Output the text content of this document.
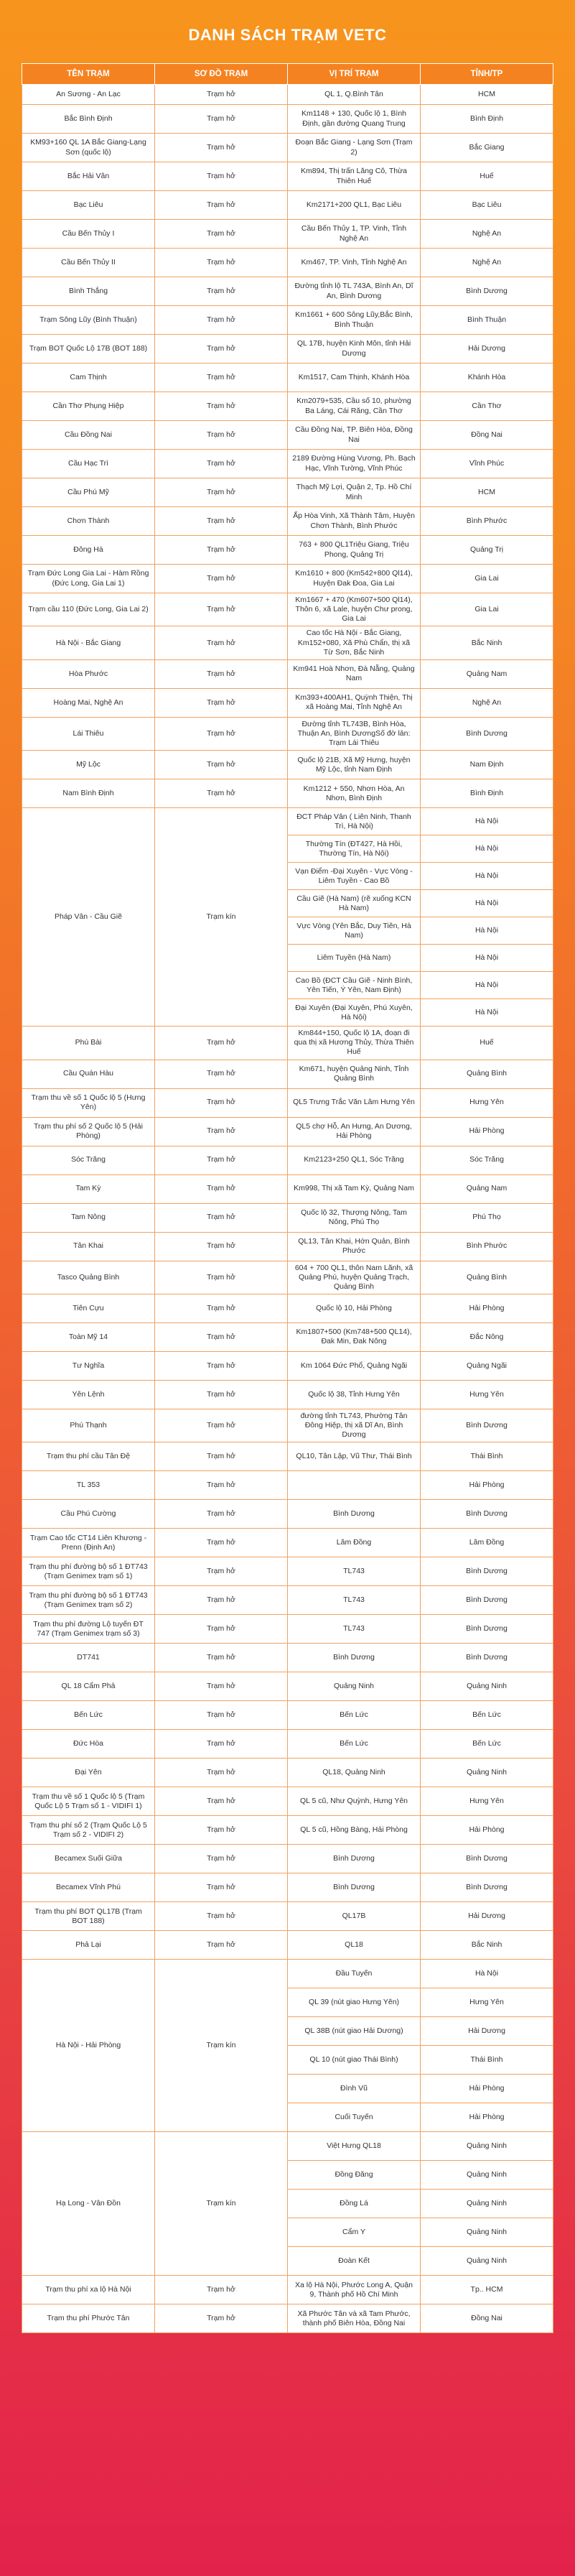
DANH SÁCH TRẠM VETC
TÊN TRẠM	SƠ ĐỒ TRẠM	VỊ TRÍ TRẠM	TỈNH/TP
An Sương - An Lạc	Trạm hở	QL 1, Q.Bình Tân	HCM
Bắc Bình Định	Trạm hở	Km1148 + 130, Quốc lộ 1, Bình Định, gần đường Quang Trung	Bình Định
KM93+160 QL 1A Bắc Giang-Lạng Sơn (quốc lộ)	Trạm hở	Đoạn Bắc Giang - Lạng Sơn (Trạm 2)	Bắc Giang
Bắc Hải Vân	Trạm hở	Km894, Thị trấn Lăng Cô, Thừa Thiên Huế	Huế
Bạc Liêu	Trạm hở	Km2171+200 QL1, Bạc Liêu	Bạc Liêu
Cầu Bến Thủy I	Trạm hở	Cầu Bến Thủy 1, TP. Vinh, Tỉnh Nghệ An	Nghệ An
Cầu Bến Thủy II	Trạm hở	Km467, TP. Vinh, Tỉnh Nghệ An	Nghệ An
Bình Thắng	Trạm hở	Đường tỉnh lộ TL 743A, Bình An, Dĩ An, Bình Dương	Bình Dương
Trạm Sông Lũy (Bình Thuận)	Trạm hở	Km1661 + 600 Sông Lũy,Bắc Bình, Bình Thuận	Bình Thuận
Trạm BOT Quốc Lộ 17B (BOT 188)	Trạm hở	QL 17B, huyện Kinh Môn, tỉnh Hải Dương	Hải Dương
Cam Thịnh	Trạm hở	Km1517, Cam Thịnh, Khánh Hòa	Khánh Hòa
Cần Thơ Phụng Hiệp	Trạm hở	Km2079+535, Cầu số 10, phường Ba Láng, Cái Răng, Cần Thơ	Cần Thơ
Cầu Đồng Nai	Trạm hở	Cầu Đồng Nai, TP. Biên Hòa, Đồng Nai	Đồng Nai
Cầu Hạc Trì	Trạm hở	2189 Đường Hùng Vương, Ph. Bạch Hạc, Vĩnh Tường, Vĩnh Phúc	Vĩnh Phúc
Cầu Phú Mỹ	Trạm hở	Thạch Mỹ Lợi, Quận 2, Tp. Hồ Chí Minh	HCM
Chơn Thành	Trạm hở	Ấp Hòa Vinh, Xã Thành Tâm, Huyện Chơn Thành, Bình Phước	Bình Phước
Đông Hà	Trạm hở	763 + 800 QL1Triệu Giang, Triệu Phong, Quảng Trị	Quảng Trị
Trạm Đức Long Gia Lai - Hàm Rồng (Đức Long, Gia Lai 1)	Trạm hở	Km1610 + 800 (Km542+800 Ql14), Huyện Đak Đoa, Gia Lai	Gia Lai
Trạm cầu 110 (Đức Long, Gia Lai 2)	Trạm hở	Km1667 + 470 (Km607+500 Ql14), Thôn 6, xã Lale, huyện Chư prong, Gia Lai	Gia Lai
Hà Nội - Bắc Giang	Trạm hở	Cao tốc Hà Nội - Bắc Giang, Km152+080, Xã Phù Chẩn, thị xã Từ Sơn, Bắc Ninh	Bắc Ninh
Hòa Phước	Trạm hở	Km941 Hoà Nhơn, Đà Nẵng, Quảng Nam	Quảng Nam
Hoàng Mai, Nghệ An	Trạm hở	Km393+400AH1, Quỳnh Thiện, Thị xã Hoàng Mai, Tỉnh Nghệ An	Nghệ An
Lái Thiêu	Trạm hở	Đường tỉnh TL743B, Bình Hòa, Thuận An, Bình DươngSố đờ lản: Trạm Lái Thiêu	Bình Dương
Mỹ Lộc	Trạm hở	Quốc lộ 21B, Xã Mỹ Hưng, huyện Mỹ Lộc, tỉnh Nam Định	Nam Định
Nam Bình Định	Trạm hở	Km1212 + 550, Nhơn Hòa, An Nhơn, Bình Định	Bình Định
Pháp Vân - Cầu Giẽ	Trạm kín	ĐCT Pháp Vân ( Liên Ninh, Thanh Trì, Hà Nội)	Hà Nội
		Thường Tín (ĐT427, Hà Hồi, Thường Tín, Hà Nội)	Hà Nội
		Vạn Điểm -Đại Xuyên - Vực Vòng - Liêm Tuyền - Cao Bồ	Hà Nội
		Cầu Giẽ (Hà Nam) (rẽ xuống KCN Hà Nam)	Hà Nội
		Vực Vòng (Yên Bắc, Duy Tiên, Hà Nam)	Hà Nội
		Liêm Tuyền (Hà Nam)	Hà Nội
		Cao Bồ (ĐCT Cầu Giẽ - Ninh Bình, Yên Tiến, Ý Yên, Nam Định)	Hà Nội
		Đại Xuyên (Đại Xuyên, Phú Xuyên, Hà Nội)	Hà Nội
Phú Bài	Trạm hở	Km844+150, Quốc lộ 1A, đoạn đi qua thị xã Hương Thủy, Thừa Thiên Huế	Huế
Cầu Quán Hàu	Trạm hở	Km671, huyện Quảng Ninh, Tỉnh Quảng Bình	Quảng Bình
Trạm thu về số 1 Quốc lộ 5 (Hưng Yên)	Trạm hở	QL5 Trưng Trắc Văn Lâm Hưng Yên	Hưng Yên
Trạm thu phí số 2 Quốc lộ 5 (Hải Phòng)	Trạm hở	QL5 chợ Hỗ, An Hưng, An Dương, Hải Phòng	Hải Phòng
Sóc Trăng	Trạm hở	Km2123+250 QL1, Sóc Trăng	Sóc Trăng
Tam Kỳ	Trạm hở	Km998, Thị xã Tam Kỳ, Quảng Nam	Quảng Nam
Tam Nông	Trạm hở	Quốc lộ 32, Thượng Nông, Tam Nông, Phú Thọ	Phú Thọ
Tân Khai	Trạm hở	QL13, Tân Khai, Hớn Quản, Bình Phước	Bình Phước
Tasco Quảng Bình	Trạm hở	604 + 700 QL1, thôn Nam Lãnh, xã Quảng Phú, huyện Quảng Trạch, Quảng Bình	Quảng Bình
Tiên Cựu	Trạm hở	Quốc lộ 10, Hải Phòng	Hải Phòng
Toàn Mỹ 14	Trạm hở	Km1807+500 (Km748+500 QL14), Đak Min, Đak Nông	Đắc Nông
Tư Nghĩa	Trạm hở	Km 1064 Đức Phổ, Quảng Ngãi	Quảng Ngãi
Yên Lệnh	Trạm hở	Quốc lộ 38, Tỉnh Hưng Yên	Hưng Yên
Phú Thạnh	Trạm hở	đường tỉnh TL743, Phường Tân Đông Hiệp, thị xã Dĩ An, Bình Dương	Bình Dương
Trạm thu phí cầu Tân Đệ	Trạm hở	QL10, Tân Lập, Vũ Thư, Thái Bình	Thái Bình
TL 353	Trạm hở		Hải Phòng
Cầu Phú Cường	Trạm hở	Bình Dương	Bình Dương
Trạm Cao tốc CT14 Liên Khương - Prenn (Định An)	Trạm hở	Lâm Đồng	Lâm Đồng
Trạm thu phí đường bộ số 1 ĐT743 (Trạm Genimex trạm số 1)	Trạm hở	TL743	Bình Dương
Trạm thu phí đường bộ số 1 ĐT743 (Trạm Genimex trạm số 2)	Trạm hở	TL743	Bình Dương
Trạm thu phí đường Lộ tuyến ĐT 747 (Trạm Genimex trạm số 3)	Trạm hở	TL743	Bình Dương
DT741	Trạm hở	Bình Dương	Bình Dương
QL 18 Cẩm Phả	Trạm hở	Quảng Ninh	Quảng Ninh
Bến Lức	Trạm hở	Bến Lức	Bến Lức
Đức Hòa	Trạm hở	Bến Lức	Bến Lức
Đại Yên	Trạm hở	QL18, Quảng Ninh	Quảng Ninh
Trạm thu về số 1 Quốc lộ 5 (Trạm Quốc Lộ 5 Trạm số 1 - VIDIFI 1)	Trạm hở	QL 5 cũ, Như Quỳnh, Hưng Yên	Hưng Yên
Trạm thu phí số 2 (Trạm Quốc Lộ 5 Trạm số 2 - VIDIFI 2)	Trạm hở	QL 5 cũ, Hồng Bàng, Hải Phòng	Hải Phòng
Becamex Suối Giữa	Trạm hở	Bình Dương	Bình Dương
Becamex Vĩnh Phú	Trạm hở	Bình Dương	Bình Dương
Trạm thu phí BOT QL17B (Trạm BOT 188)	Trạm hở	QL17B	Hải Dương
Phả Lại	Trạm hở	QL18	Bắc Ninh
Hà Nội - Hải Phòng	Trạm kín	Đầu Tuyến	Hà Nội
		QL 39 (nút giao Hưng Yên)	Hưng Yên
		QL 38B (nút giao Hải Dương)	Hải Dương
		QL 10 (nút giao Thái Bình)	Thái Bình
		Đình Vũ	Hải Phòng
		Cuối Tuyến	Hải Phòng
Hạ Long - Vân Đồn	Trạm kín	Việt Hưng QL18	Quảng Ninh
		Đồng Đăng	Quảng Ninh
		Đồng Lá	Quảng Ninh
		Cẩm Y	Quảng Ninh
		Đoàn Kết	Quảng Ninh
Trạm thu phí xa lộ Hà Nội	Trạm hở	Xa lộ Hà Nội, Phước Long A, Quận 9, Thành phố Hồ Chí Minh	Tp.. HCM
Trạm thu phí Phước Tân	Trạm hở	Xã Phước Tân và xã Tam Phước, thành phố Biên Hòa, Đồng Nai	Đồng Nai
